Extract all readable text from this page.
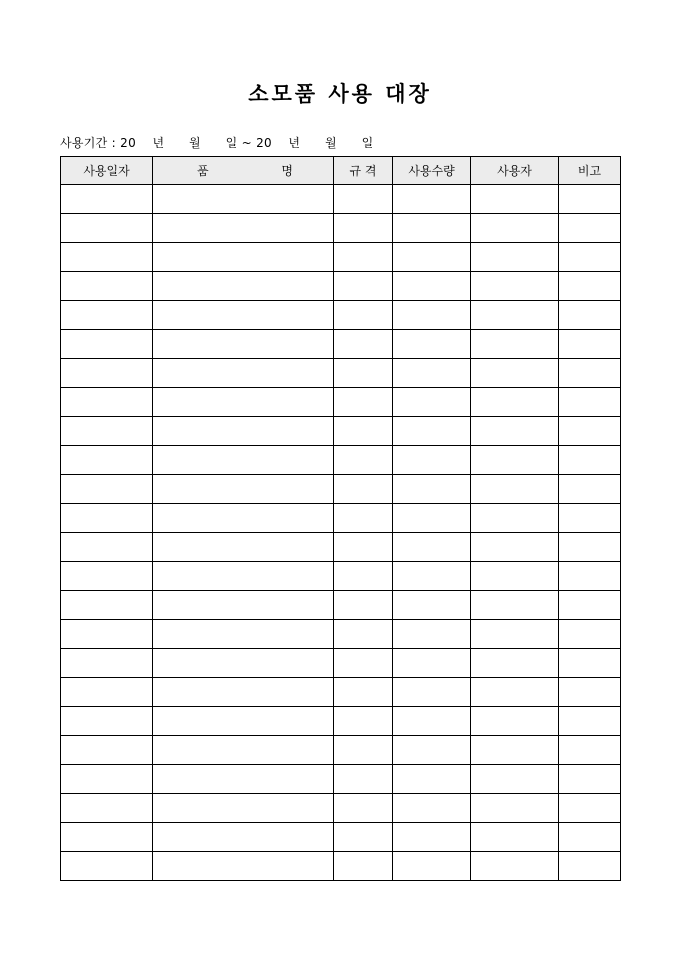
소모품 사용 대장
사용기간 : 20    년      월      일 ~ 20    년      월      일
사용일자	품 명	규 격	사용수량	사용자	비고
